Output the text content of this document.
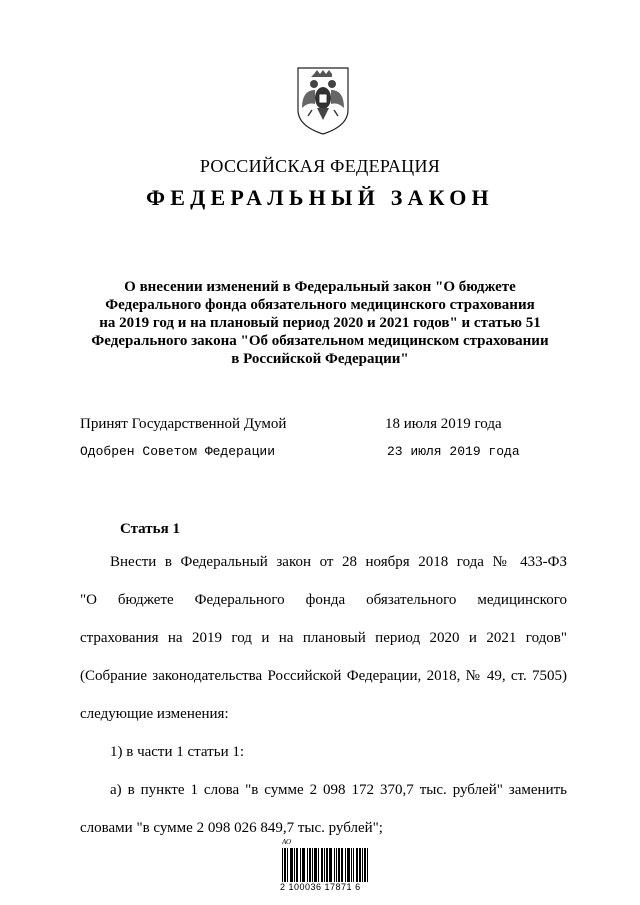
РОССИЙСКАЯ ФЕДЕРАЦИЯ
ФЕДЕРАЛЬНЫЙ ЗАКОН
О внесении изменений в Федеральный закон "О бюджете
Федерального фонда обязательного медицинского страхования
на 2019 год и на плановый период 2020 и 2021 годов" и статью 51
Федерального закона "Об обязательном медицинском страховании
в Российской Федерации"
Принят Государственной Думой	18 июля 2019 года
Одобрен Советом Федерации	23 июля 2019 года
Статья 1
Внести в Федеральный закон от 28 ноября 2018 года № 433-ФЗ
"О бюджете Федерального фонда обязательного медицинского
страхования на 2019 год и на плановый период 2020 и 2021 годов"
(Собрание законодательства Российской Федерации, 2018, № 49, ст. 7505)
следующие изменения:
1) в части 1 статьи 1:
а) в пункте 1 слова "в сумме 2 098 172 370,7 тыс. рублей" заменить
словами "в сумме 2 098 026 849,7 тыс. рублей";
АО
2 100036 17871 6
